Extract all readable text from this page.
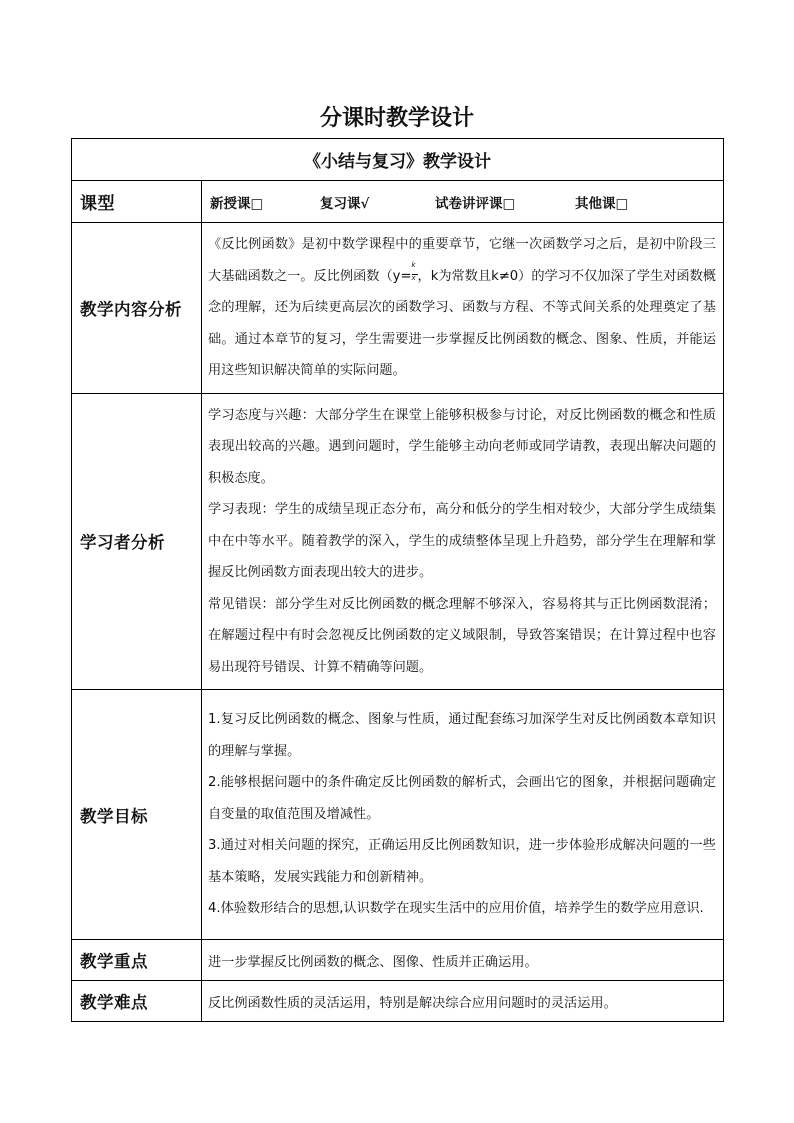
分课时教学设计
《小结与复习》教学设计	
课型	新授课□ 复习课√ 试卷讲评课□ 其他课□
教学内容分析	《反比例函数》是初中数学课程中的重要章节，它继一次函数学习之后，是初中阶段三大基础函数之一。反比例函数（$y= \frac{k}{x}$ ，k为常数且k≠0）的学习不仅加深了学生对函数概念的理解，还为后续更高层次的函数学习、函数与方程、不等式间关系的处理奠定了基础。通过本章节的复习，学生需要进一步掌握反比例函数的概念、图象、性质，并能运用这些知识解决简单的实际问题。

学习者分析	学习态度与兴趣：大部分学生在课堂上能够积极参与讨论，对反比例函数的概念和性质表现出较高的兴趣。遇到问题时，学生能够主动向老师或同学请教，表现出解决问题的积极态度。

学习表现：学生的成绩呈现正态分布，高分和低分的学生相对较少，大部分学生成绩集中在中等水平。随着教学的深入，学生的成绩整体呈现上升趋势，部分学生在理解和掌握反比例函数方面表现出较大的进步。

常见错误：部分学生对反比例函数的概念理解不够深入，容易将其与正比例函数混淆；在解题过程中有时会忽视反比例函数的定义域限制，导致答案错误；在计算过程中也容易出现符号错误、计算不精确等问题。

教学目标	1.复习反比例函数的概念、图象与性质，通过配套练习加深学生对反比例函数本章知识的理解与掌握。

2.能够根据问题中的条件确定反比例函数的解析式，会画出它的图象，并根据问题确定自变量的取值范围及增减性。

3.通过对相关问题的探究，正确运用反比例函数知识，进一步体验形成解决问题的一些基本策略，发展实践能力和创新精神。

4.体验数形结合的思想,认识数学在现实生活中的应用价值，培养学生的数学应用意识.

教学重点	进一步掌握反比例函数的概念、图像、性质并正确运用。
教学难点	反比例函数性质的灵活运用，特别是解决综合应用问题时的灵活运用。
